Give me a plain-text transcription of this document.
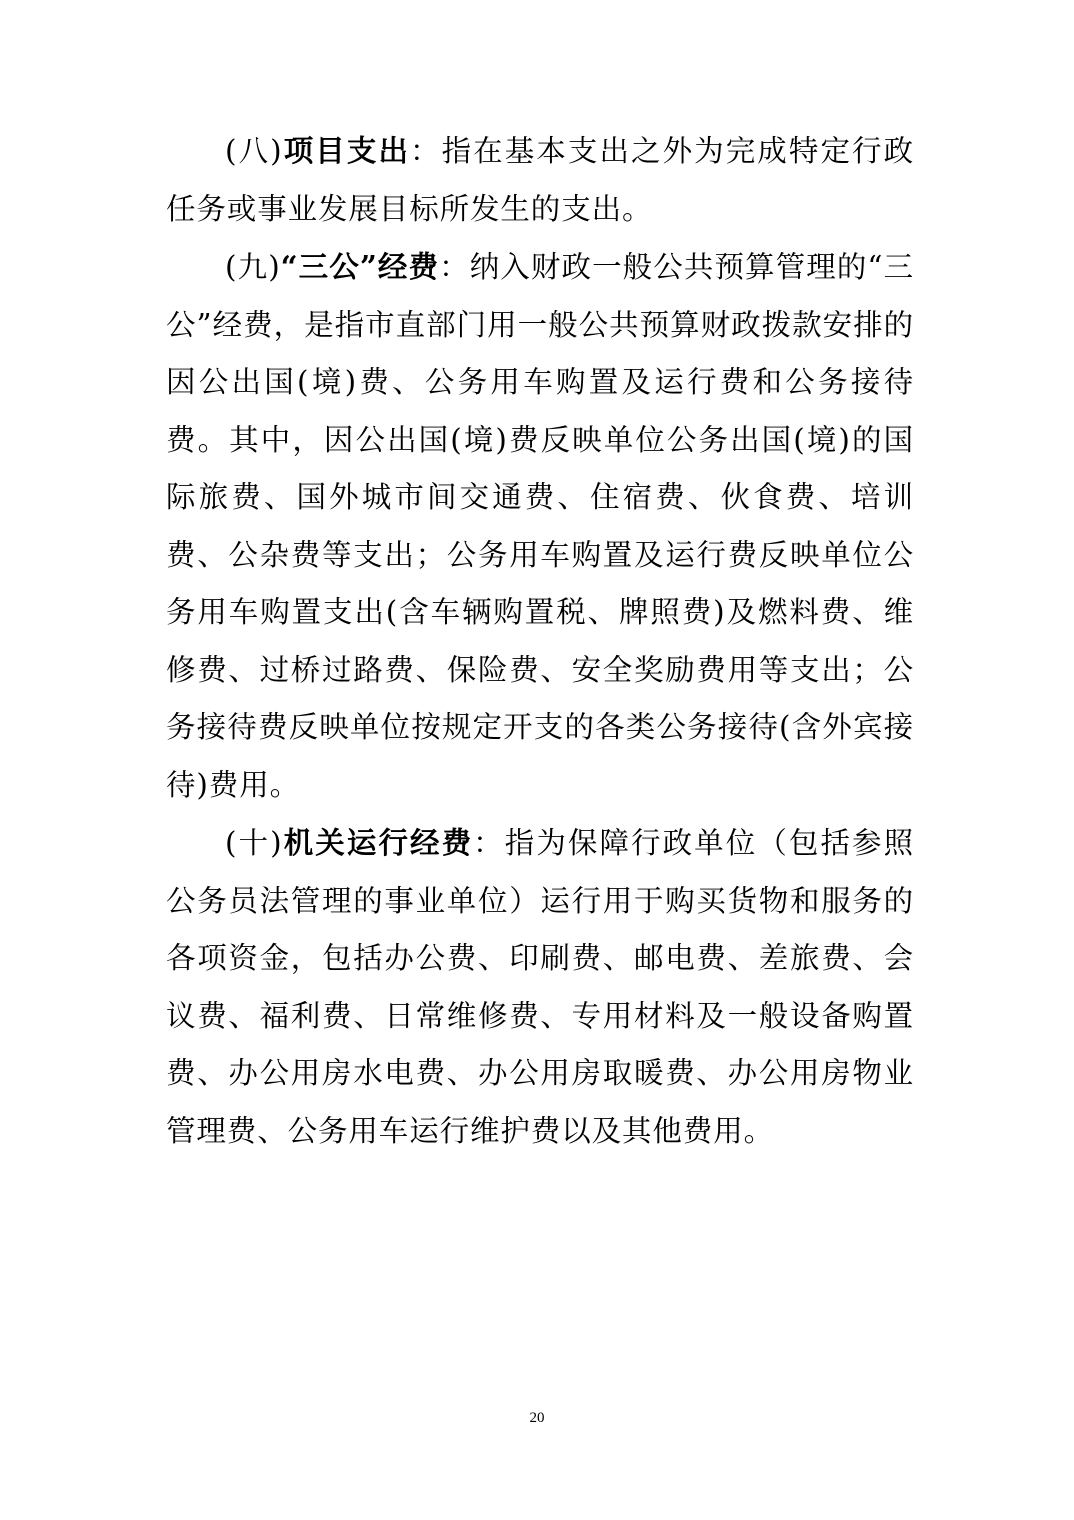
(八)项目支出：指在基本支出之外为完成特定行政任务或事业发展目标所发生的支出。

(九)“三公”经费：纳入财政一般公共预算管理的“三公”经费，是指市直部门用一般公共预算财政拨款安排的因公出国(境)费、公务用车购置及运行费和公务接待费。其中，因公出国(境)费反映单位公务出国(境)的国际旅费、国外城市间交通费、住宿费、伙食费、培训费、公杂费等支出；公务用车购置及运行费反映单位公务用车购置支出(含车辆购置税、牌照费)及燃料费、维修费、过桥过路费、保险费、安全奖励费用等支出；公务接待费反映单位按规定开支的各类公务接待(含外宾接待)费用。

(十)机关运行经费：指为保障行政单位（包括参照公务员法管理的事业单位）运行用于购买货物和服务的各项资金，包括办公费、印刷费、邮电费、差旅费、会议费、福利费、日常维修费、专用材料及一般设备购置费、办公用房水电费、办公用房取暖费、办公用房物业管理费、公务用车运行维护费以及其他费用。

20
